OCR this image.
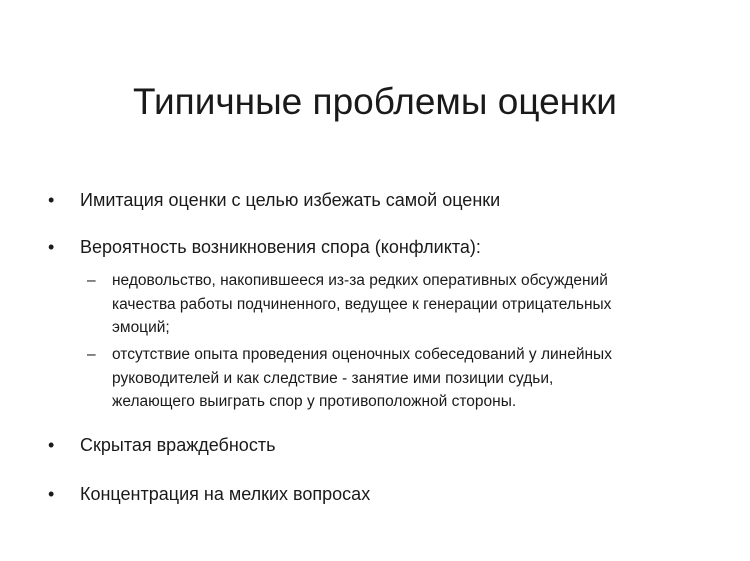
Типичные проблемы оценки
• Имитация оценки с целью избежать самой оценки
• Вероятность возникновения спора (конфликта):
– недовольство, накопившееся из-за редких оперативных обсуждений
качества работы подчиненного, ведущее к генерации отрицательных
эмоций;
– отсутствие опыта проведения оценочных собеседований у линейных
руководителей и как следствие - занятие ими позиции судьи,
желающего выиграть спор у противоположной стороны.
• Скрытая враждебность
• Концентрация на мелких вопросах
